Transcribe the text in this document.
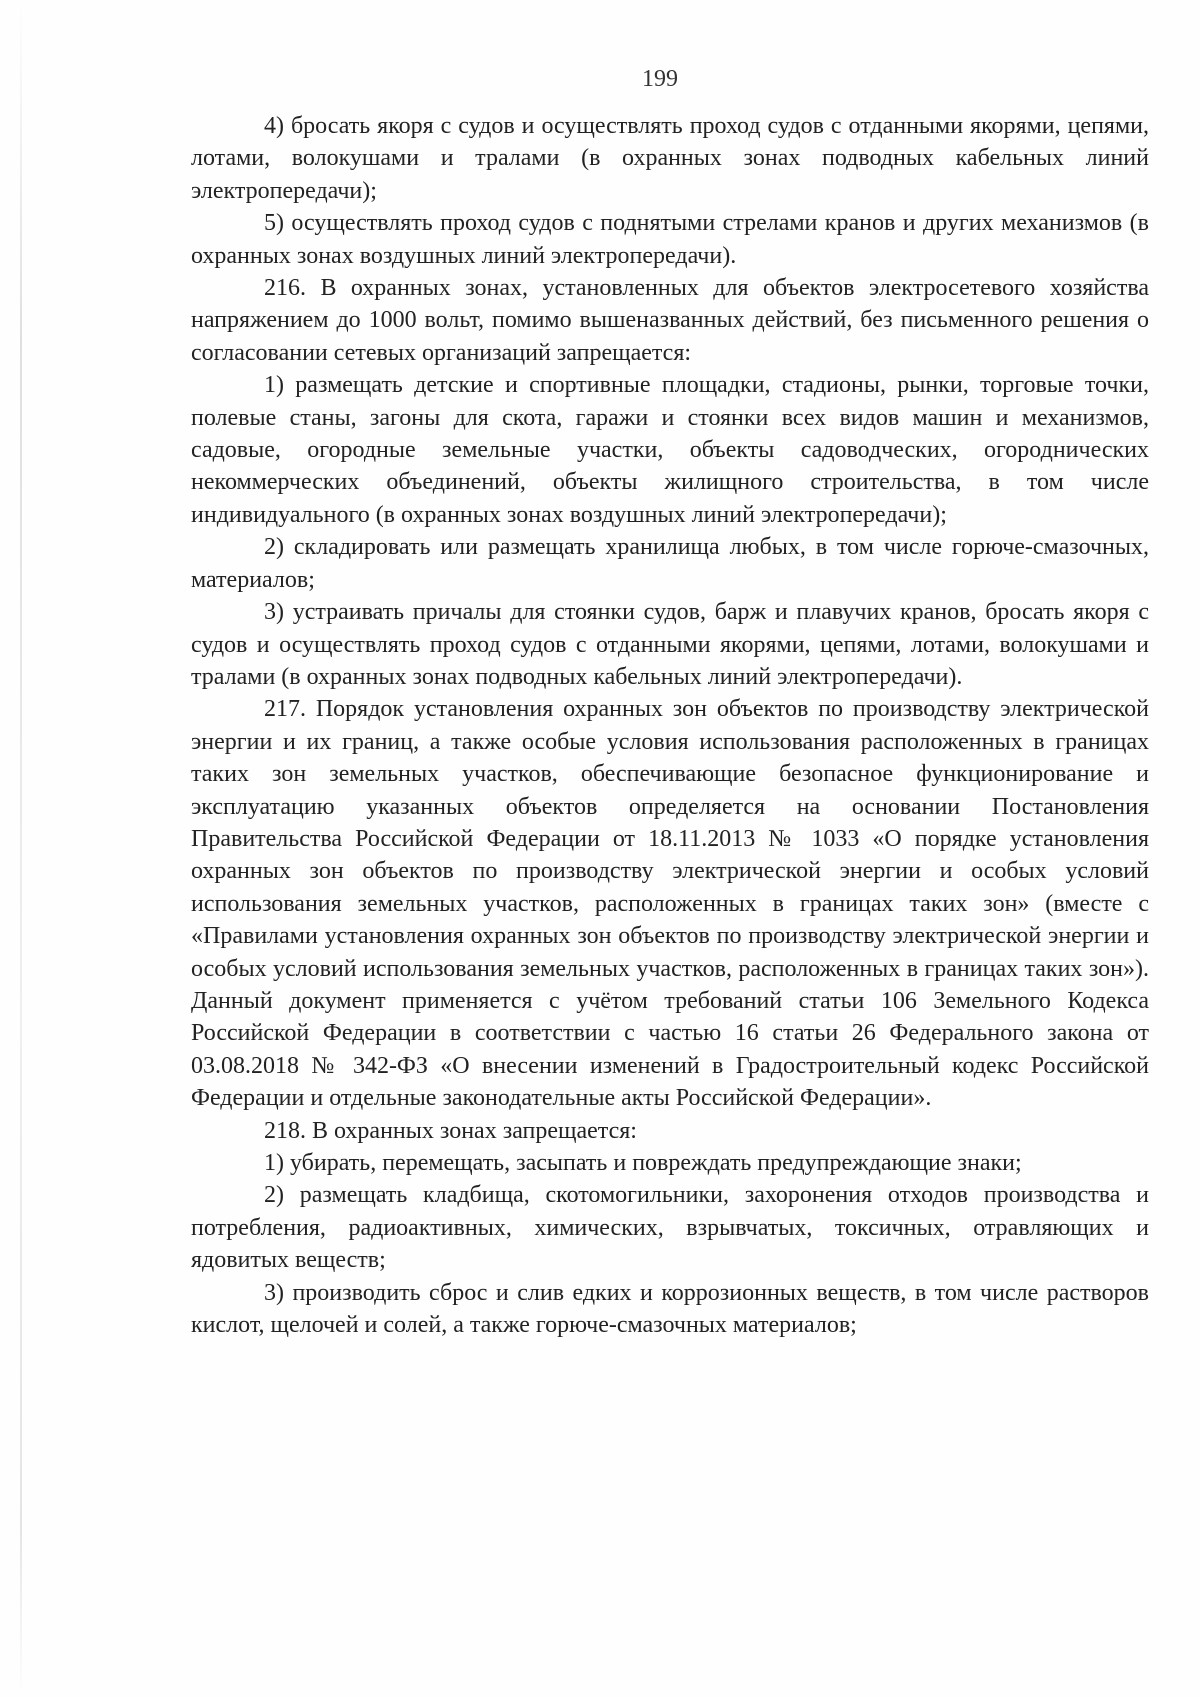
199

4) бросать якоря с судов и осуществлять проход судов с отданными якорями, цепями, лотами, волокушами и тралами (в охранных зонах подводных кабельных линий электропередачи);

5) осуществлять проход судов с поднятыми стрелами кранов и других механизмов (в охранных зонах воздушных линий электропередачи).

216. В охранных зонах, установленных для объектов электросетевого хозяйства напряжением до 1000 вольт, помимо вышеназванных действий, без письменного решения о согласовании сетевых организаций запрещается:

1) размещать детские и спортивные площадки, стадионы, рынки, торговые точки, полевые станы, загоны для скота, гаражи и стоянки всех видов машин и механизмов, садовые, огородные земельные участки, объекты садоводческих, огороднических некоммерческих объединений, объекты жилищного строительства, в том числе индивидуального (в охранных зонах воздушных линий электропередачи);

2) складировать или размещать хранилища любых, в том числе горюче-смазочных, материалов;

3) устраивать причалы для стоянки судов, барж и плавучих кранов, бросать якоря с судов и осуществлять проход судов с отданными якорями, цепями, лотами, волокушами и тралами (в охранных зонах подводных кабельных линий электропередачи).

217. Порядок установления охранных зон объектов по производству электрической энергии и их границ, а также особые условия использования расположенных в границах таких зон земельных участков, обеспечивающие безопасное функционирование и эксплуатацию указанных объектов определяется на основании Постановления Правительства Российской Федерации от 18.11.2013 № 1033 «О порядке установления охранных зон объектов по производству электрической энергии и особых условий использования земельных участков, расположенных в границах таких зон» (вместе с «Правилами установления охранных зон объектов по производству электрической энергии и особых условий использования земельных участков, расположенных в границах таких зон»). Данный документ применяется с учётом требований статьи 106 Земельного Кодекса Российской Федерации в соответствии с частью 16 статьи 26 Федерального закона от 03.08.2018 № 342-ФЗ «О внесении изменений в Градостроительный кодекс Российской Федерации и отдельные законодательные акты Российской Федерации».

218. В охранных зонах запрещается:

1) убирать, перемещать, засыпать и повреждать предупреждающие знаки;

2) размещать кладбища, скотомогильники, захоронения отходов производства и потребления, радиоактивных, химических, взрывчатых, токсичных, отравляющих и ядовитых веществ;

3) производить сброс и слив едких и коррозионных веществ, в том числе растворов кислот, щелочей и солей, а также горюче-смазочных материалов;
